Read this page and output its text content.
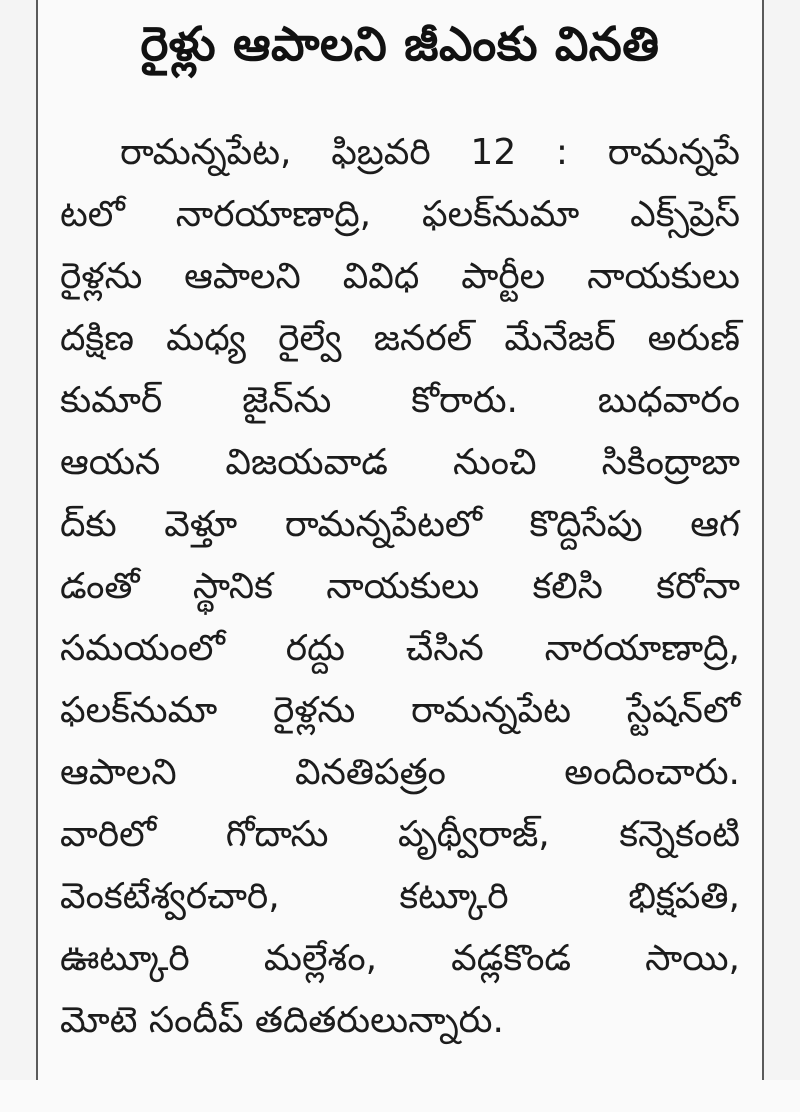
రైళ్లు ఆపాలని జీఎంకు వినతి
రామన్నపేట, ఫిబ్రవరి 12 : రామన్నపే
టలో నారయాణాద్రి, ఫలక్‌నుమా ఎక్స్‌ప్రెస్
రైళ్లను ఆపాలని వివిధ పార్టీల నాయకులు
దక్షిణ మధ్య రైల్వే జనరల్ మేనేజర్ అరుణ్
కుమార్ జైన్‌ను కోరారు. బుధవారం
ఆయన విజయవాడ నుంచి సికింద్రాబా
ద్‌కు వెళ్తూ రామన్నపేటలో కొద్దిసేపు ఆగ
డంతో స్థానిక నాయకులు కలిసి కరోనా
సమయంలో రద్దు చేసిన నారయాణాద్రి,
ఫలక్‌నుమా రైళ్లను రామన్నపేట స్టేషన్‌లో
ఆపాలని వినతిపత్రం అందించారు.
వారిలో గోదాసు పృథ్వీరాజ్, కన్నెకంటి
వెంకటేశ్వరచారి, కట్కూరి భిక్షపతి,
ఊట్కూరి మల్లేశం, వడ్లకొండ సాయి,
మోటె సందీప్ తదితరులున్నారు.
